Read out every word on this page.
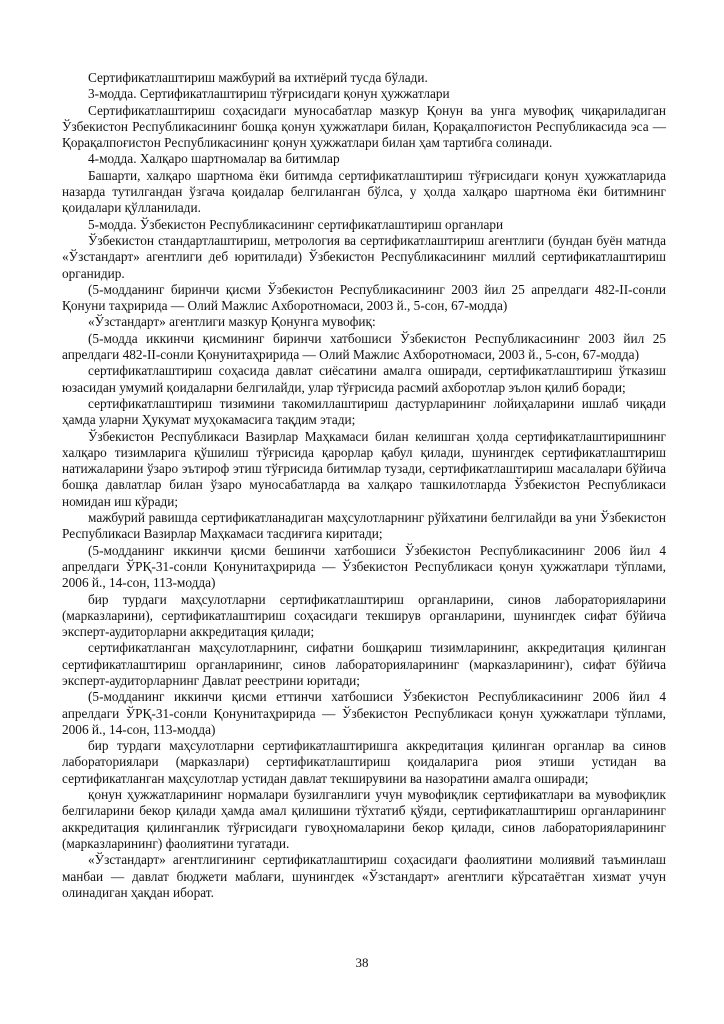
Сертификатлаштириш мажбурий ва ихтиёрий тусда бўлади.

3-модда. Сертификатлаштириш тўғрисидаги қонун ҳужжатлари

Сертификатлаштириш соҳасидаги муносабатлар мазкур Қонун ва унга мувофиқ чиқариладиган Ўзбекистон Республикасининг бошқа қонун ҳужжатлари билан, Қорақалпоғистон Республикасида эса — Қорақалпоғистон Республикасининг қонун ҳужжатлари билан ҳам тартибга солинади.

4-модда. Халқаро шартномалар ва битимлар

Башарти, халқаро шартнома ёки битимда сертификатлаштириш тўғрисидаги қонун ҳужжатларида назарда тутилгандан ўзгача қоидалар белгиланган бўлса, у ҳолда халқаро шартнома ёки битимнинг қоидалари қўлланилади.

5-модда. Ўзбекистон Республикасининг сертификатлаштириш органлари

Ўзбекистон стандартлаштириш, метрология ва сертификатлаштириш агентлиги (бундан буён матнда «Ўзстандарт» агентлиги деб юритилади) Ўзбекистон Республикасининг миллий сертификатлаштириш органидир.

(5-модданинг биринчи қисми Ўзбекистон Республикасининг 2003 йил 25 апрелдаги 482-II-сонли Қонуни таҳририда — Олий Мажлис Ахборотномаси, 2003 й., 5-сон, 67-модда)

«Ўзстандарт» агентлиги мазкур Қонунга мувофиқ:

(5-модда иккинчи қисмининг биринчи хатбошиси Ўзбекистон Республикасининг 2003 йил 25 апрелдаги 482-II-сонли Қонунитаҳририда — Олий Мажлис Ахборотномаси, 2003 й., 5-сон, 67-модда)

сертификатлаштириш соҳасида давлат сиёсатини амалга оширади, сертификатлаштириш ўтказиш юзасидан умумий қоидаларни белгилайди, улар тўғрисида расмий ахборотлар эълон қилиб боради;

сертификатлаштириш тизимини такомиллаштириш дастурларининг лойиҳаларини ишлаб чиқади ҳамда уларни Ҳукумат муҳокамасига тақдим этади;

Ўзбекистон Республикаси Вазирлар Маҳкамаси билан келишган ҳолда сертификатлаштиришнинг халқаро тизимларига қўшилиш тўғрисида қарорлар қабул қилади, шунингдек сертификатлаштириш натижаларини ўзаро эътироф этиш тўғрисида битимлар тузади, сертификатлаштириш масалалари бўйича бошқа давлатлар билан ўзаро муносабатларда ва халқаро ташкилотларда Ўзбекистон Республикаси номидан иш кўради;

мажбурий равишда сертификатланадиган маҳсулотларнинг рўйхатини белгилайди ва уни Ўзбекистон Республикаси Вазирлар Маҳкамаси тасдиғига киритади;

(5-модданинг иккинчи қисми бешинчи хатбошиси Ўзбекистон Республикасининг 2006 йил 4 апрелдаги ЎРҚ-31-сонли Қонунитаҳририда — Ўзбекистон Республикаси қонун ҳужжатлари тўплами, 2006 й., 14-сон, 113-модда)

бир турдаги маҳсулотларни сертификатлаштириш органларини, синов лабораторияларини (марказларини), сертификатлаштириш соҳасидаги текширув органларини, шунингдек сифат бўйича эксперт-аудиторларни аккредитация қилади;

сертификатланган маҳсулотларнинг, сифатни бошқариш тизимларининг, аккредитация қилинган сертификатлаштириш органларининг, синов лабораторияларининг (марказларининг), сифат бўйича эксперт-аудиторларнинг Давлат реестрини юритади;

(5-модданинг иккинчи қисми еттинчи хатбошиси Ўзбекистон Республикасининг 2006 йил 4 апрелдаги ЎРҚ-31-сонли Қонунитаҳририда — Ўзбекистон Республикаси қонун ҳужжатлари тўплами, 2006 й., 14-сон, 113-модда)

бир турдаги маҳсулотларни сертификатлаштиришга аккредитация қилинган органлар ва синов лабораториялари (марказлари) сертификатлаштириш қоидаларига риоя этиши устидан ва сертификатланган маҳсулотлар устидан давлат текширувини ва назоратини амалга оширади;

қонун ҳужжатларининг нормалари бузилганлиги учун мувофиқлик сертификатлари ва мувофиқлик белгиларини бекор қилади ҳамда амал қилишини тўхтатиб қўяди, сертификатлаштириш органларининг аккредитация қилинганлик тўғрисидаги гувоҳномаларини бекор қилади, синов лабораторияларининг (марказларининг) фаолиятини тугатади.

«Ўзстандарт» агентлигининг сертификатлаштириш соҳасидаги фаолиятини молиявий таъминлаш манбаи — давлат бюджети маблағи, шунингдек «Ўзстандарт» агентлиги кўрсатаётган хизмат учун олинадиган ҳақдан иборат.

38
